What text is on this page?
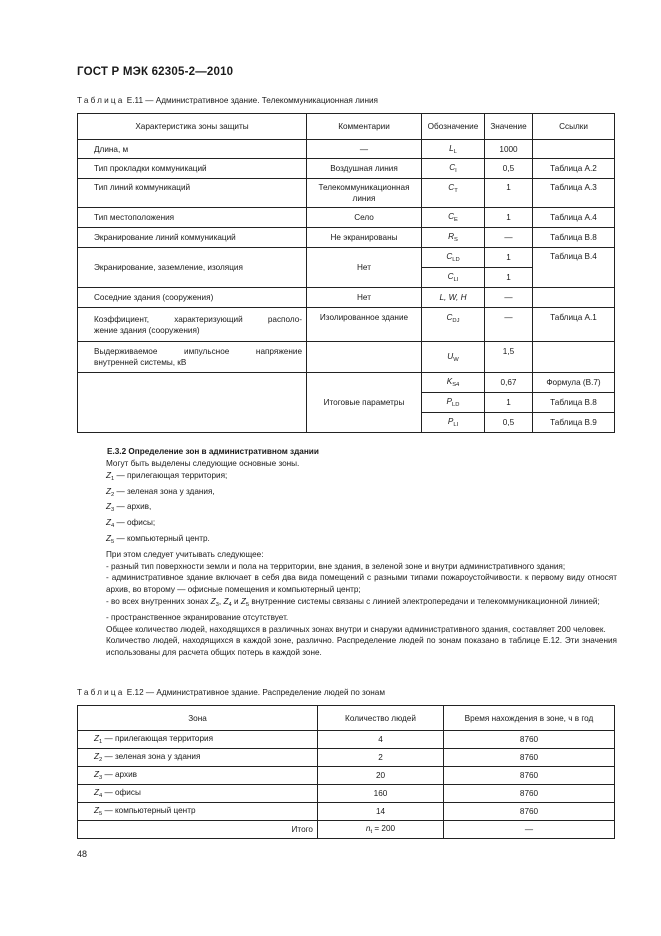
ГОСТ Р МЭК 62305-2—2010
Таблица E.11 — Административное здание. Телекоммуникационная линия
Характеристика зоны защиты	Комментарии	Обозначение	Значение	Ссылки
Длина, м	—	$L_L$	1000	
Тип прокладки коммуникаций	Воздушная линия	$C_I$	0,5	Таблица А.2
Тип линий коммуникаций	Телекоммуникационная линия	$C_T$	1	Таблица А.3
Тип местоположения	Село	$C_E$	1	Таблица А.4
Экранирование линий коммуникаций	Не экранированы	$R_S$	—	Таблица В.8
Экранирование, заземление, изоляция	Нет	$C_{LD}$	1	Таблица В.4
		$C_{LI}$	1	
Соседние здания (сооружения)	Нет	L, W, H	—	

Коэффициент, характеризующий располо-
жение здания (сооружения)	Изолированное здание	$C_{DJ}$	—	Таблица А.1

Выдерживаемое импульсное напряжение
внутренней системы, кВ		$U_W$	1,5	
	Итоговые параметры	$K_{S4}$	0,67	Формула (В.7)
		$P_{LD}$	1	Таблица В.8
		$P_{LI}$	0,5	Таблица В.9
E.3.2 Определение зон в административном здании

Могут быть выделены следующие основные зоны.

$Z_1$ — прилегающая территория;

$Z_2$ — зеленая зона у здания,

$Z_3$ — архив,

$Z_4$ — офисы;

$Z_5$ — компьютерный центр.

При этом следует учитывать следующее:

- разный тип поверхности земли и пола на территории, вне здания, в зеленой зоне и внутри административного здания;

- административное здание включает в себя два вида помещений с разными типами пожароустойчивости. к первому виду относят архив, во второму — офисные помещения и компьютерный центр;

- во всех внутренних зонах $Z_3$, $Z_4$ и $Z_5$ внутренние системы связаны с линией электропередачи и телекоммуникационной линией;

- пространственное экранирование отсутствует.

Общее количество людей, находящихся в различных зонах внутри и снаружи административного здания, составляет 200 человек.

Количество людей, находящихся в каждой зоне, различно. Распределение людей по зонам показано в таблице Е.12. Эти значения использованы для расчета общих потерь в каждой зоне.

Таблица E.12 — Административное здание. Распределение людей по зонам
Зона	Количество людей	Время нахождения в зоне, ч в год
$Z_1$ — прилегающая территория	4	8760
$Z_2$ — зеленая зона у здания	2	8760
$Z_3$ — архив	20	8760
$Z_4$ — офисы	160	8760
$Z_5$ — компьютерный центр	14	8760
Итого	$n_t = 200$	—
48
